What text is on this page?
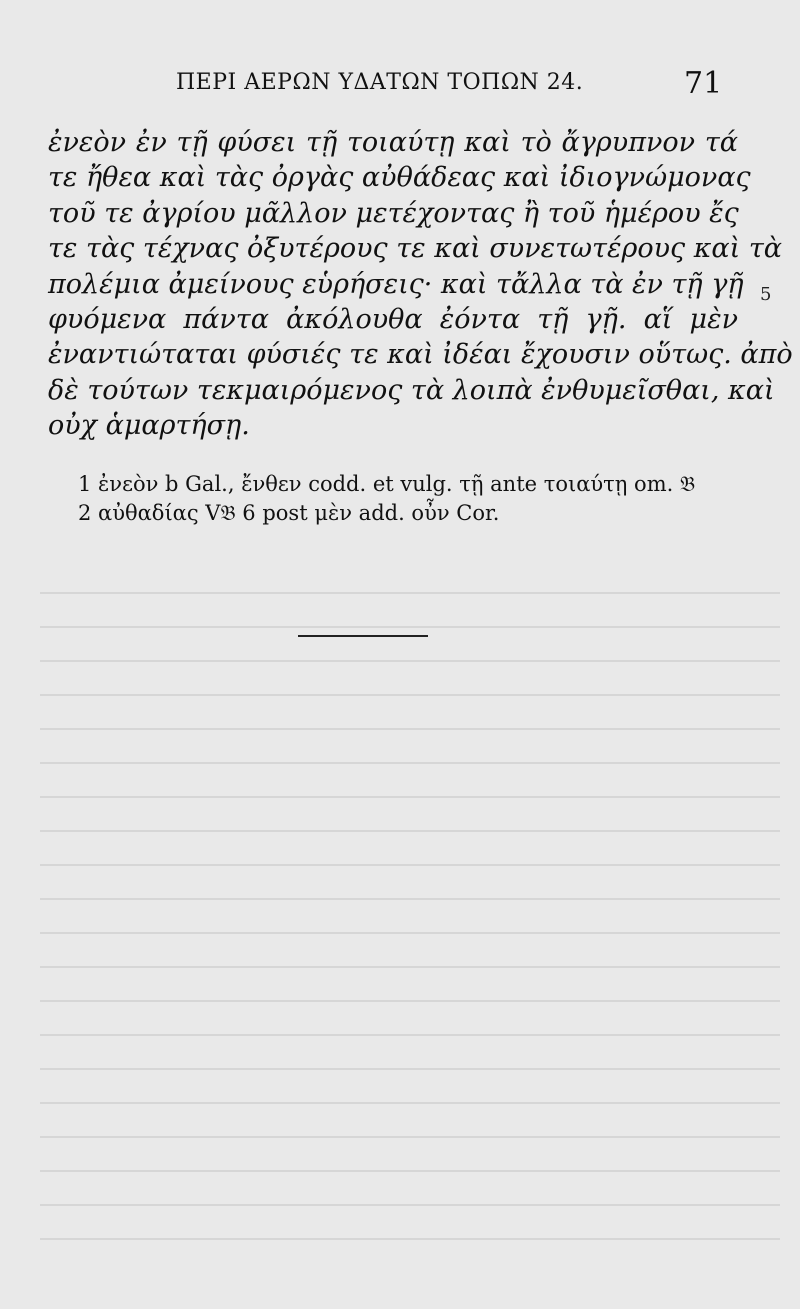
ΠΕΡΙ ΑΕΡΩΝ ΥΔΑΤΩΝ ΤΟΠΩΝ 24.	71
ἐνεὸν ἐν τῇ φύσει τῇ τοιαύτῃ καὶ τὸ ἄγρυπνον τά
τε ἤθεα καὶ τὰς ὀργὰς αὐθάδεας καὶ ἰδιογνώμονας
τοῦ τε ἀγρίου μᾶλλον μετέχοντας ἢ τοῦ ἡμέρου ἔς
τε τὰς τέχνας ὀξυτέρους τε καὶ συνετωτέρους καὶ τὰ
πολέμια ἀμείνους εὑρήσεις· καὶ τἄλλα τὰ ἐν τῇ γῇ
φυόμενα πάντα ἀκόλουθα ἐόντα τῇ γῇ. αἵ μὲν
ἐναντιώταται φύσιές τε καὶ ἰδέαι ἔχουσιν οὕτως. ἀπὸ
δὲ τούτων τεκμαιρόμενος τὰ λοιπὰ ἐνθυμεῖσθαι, καὶ
οὐχ ἁμαρτήσῃ.
5
1 ἐνεὸν b Gal., ἔνθεν codd. et vulg. τῇ ante τοιαύτῃ om. 𝔅
2 αὐθαδίας V𝔅 6 post μὲν add. οὖν Cor.
